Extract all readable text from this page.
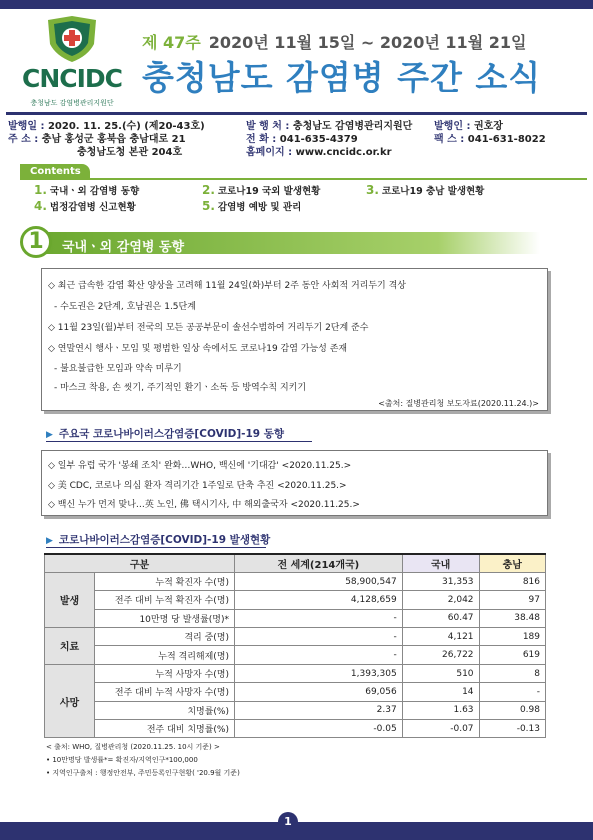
CNCIDC
충청남도 감염병관리지원단
제 47주 2020년 11월 15일 ~ 2020년 11월 21일
충청남도 감염병 주간 소식
발행일 : 2020. 11. 25.(수) (제20-43호)
주 소 : 충남 홍성군 홍북읍 충남대로 21
충청남도청 본관 204호
발 행 처 : 충청남도 감염병관리지원단
전 화 : 041-635-4379
홈페이지 : www.cncidc.or.kr
발행인 : 권호장
팩 스 : 041-631-8022
Contents
1. 국내ㆍ외 감염병 동향	2. 코로나19 국외 발생현황	3. 코로나19 충남 발생현황
4. 법정감염병 신고현황	5. 감염병 예방 및 관리
1	국내ㆍ외 감염병 동향
◇ 최근 급속한 감염 확산 양상을 고려해 11월 24일(화)부터 2주 동안 사회적 거리두기 격상
- 수도권은 2단계, 호남권은 1.5단계
◇ 11월 23일(월)부터 전국의 모든 공공부문이 솔선수범하여 거리두기 2단계 준수
◇ 연말연시 행사ㆍ모임 및 평범한 일상 속에서도 코로나19 감염 가능성 존재
- 불요불급한 모임과 약속 미루기
- 마스크 착용, 손 씻기, 주기적인 환기ㆍ소독 등 방역수칙 지키기
<출처: 질병관리청 보도자료(2020.11.24.)>
▶ 주요국 코로나바이러스감염증[COVID]-19 동향
◇ 일부 유럽 국가 '봉쇄 조치' 완화…WHO, 백신에 '기대감' <2020.11.25.>
◇ 美 CDC, 코로나 의심 환자 격리기간 1주일로 단축 추진 <2020.11.25.>
◇ 백신 누가 먼저 맞나…英 노인, 佛 택시기사, 中 해외출국자 <2020.11.25.>
▶ 코로나바이러스감염증[COVID]-19 발생현황
구분		전 세계(214개국)	국내	충남
발생	누적 확진자 수(명)	58,900,547	31,353	816
	전주 대비 누적 확진자 수(명)	4,128,659	2,042	97
	10만명 당 발생률(명)*	-	60.47	38.48
치료	격리 중(명)	-	4,121	189
	누적 격리해제(명)	-	26,722	619
사망	누적 사망자 수(명)	1,393,305	510	8
	전주 대비 누적 사망자 수(명)	69,056	14	-
	치명률(%)	2.37	1.63	0.98
	전주 대비 치명률(%)	-0.05	-0.07	-0.13
< 출처: WHO, 질병관리청 (2020.11.25. 10시 기준) >
• 10만명당 발생률*= 확진자/지역인구*100,000
• 지역인구출처 : 행정안전부, 주민등록인구현황( '20.9월 기준)
1
